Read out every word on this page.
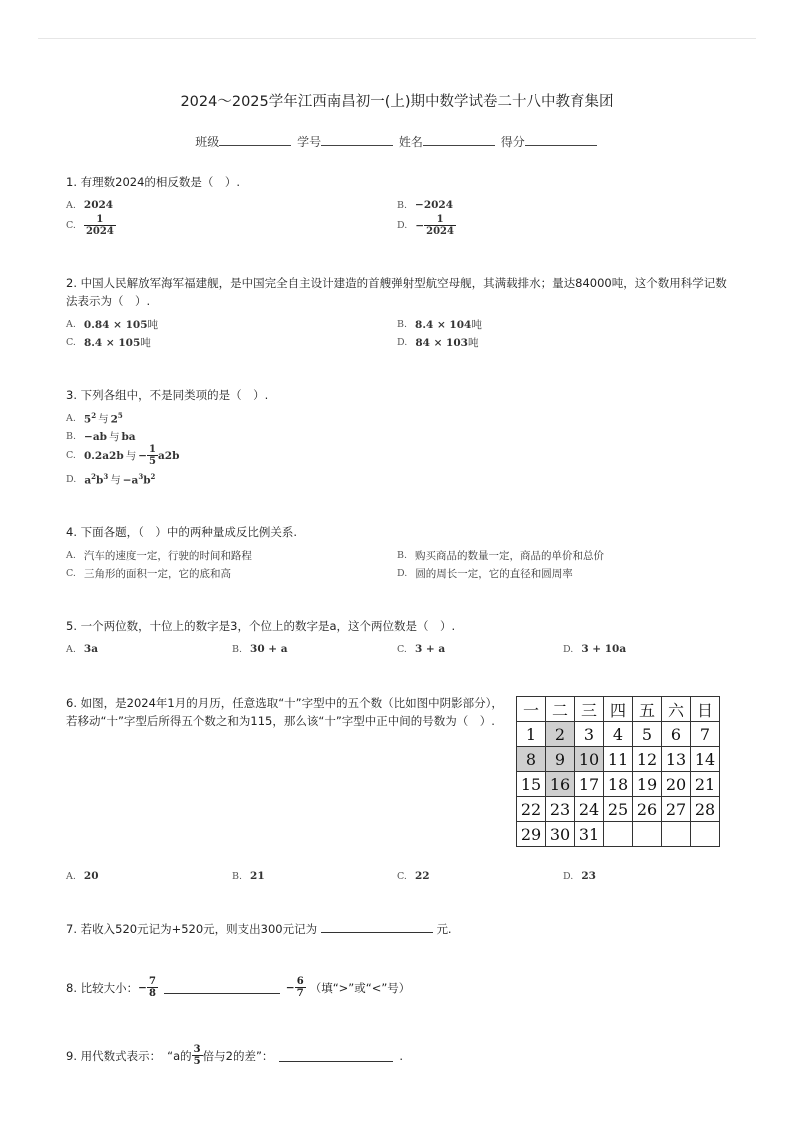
2024～2025学年江西南昌初一(上)期中数学试卷二十八中教育集团
班级	学号	姓名	得分
1. 有理数2024的相反数是（　）.
A. 2024	B. −2024
C. $\frac{1}{2024}$	D. − $\frac{1}{2024}$
2. 中国人民解放军海军福建舰，是中国完全自主设计建造的首艘弹射型航空母舰，其满载排水；量达84000吨，这个数用科学记数法表示为（　）.
A. 0.84 × 10 5 吨	B. 8.4 × 10 4 吨
C. 8.4 × 10 5 吨	D. 84 × 10 3 吨
3. 下列各组中，不是同类项的是（　）.
A. $5^2$ 与 $2^5$
B. −ab 与 ba
C. 0.2a 2 b 与 − $\frac{1}{5}$ a 2 b
D. $a^2b^3$ 与 $-a^3b^2$
4. 下面各题，（　）中的两种量成反比例关系.
A. 汽车的速度一定，行驶的时间和路程	B. 购买商品的数量一定，商品的单价和总价
C. 三角形的面积一定，它的底和高	D. 圆的周长一定，它的直径和圆周率
5. 一个两位数，十位上的数字是3，个位上的数字是a，这个两位数是（　）.
A. 3a	B. 30 + a	C. 3 + a	D. 3 + 10a
6. 如图，是2024年1月的月历，任意选取“十”字型中的五个数（比如图中阴影部分），若移动“十”字型后所得五个数之和为115，那么该“十”字型中正中间的号数为（　）.
一	二	三	四	五	六	日
1	2	3	4	5	6	7
8	9	10	11	12	13	14
15	16	17	18	19	20	21
22	23	24	25	26	27	28
29	30	31				
A. 20	B. 21	C. 22	D. 23
7. 若收入520元记为+520元，则支出300元记为	元.
8. 比较大小： − $\frac{7}{8}$	− $\frac{6}{7}$ （填“>”或“<”号）
9. 用代数式表示： “a的 $\frac{3}{5}$ 倍与2的差”：	.
